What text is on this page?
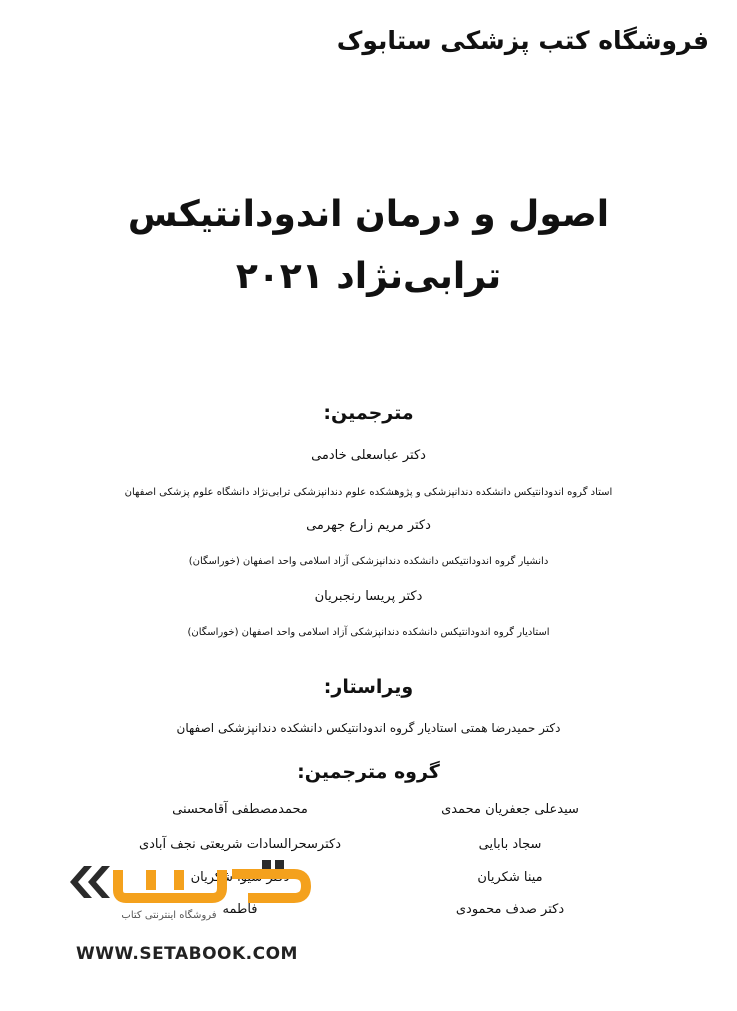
فروشگاه کتب پزشکی ستابوک
اصول و درمان اندودانتیکس
ترابی‌نژاد ۲۰۲۱
مترجمین:
دکتر عباسعلی خادمی
استاد گروه اندودانتیکس دانشکده دندانپزشکی و پژوهشکده علوم دندانپزشکی ترابی‌نژاد دانشگاه علوم پزشکی اصفهان
دکتر مریم زارع جهرمی
دانشیار گروه اندودانتیکس دانشکده دندانپزشکی آزاد اسلامی واحد اصفهان (خوراسگان)
دکتر پریسا رنجبریان
استادیار گروه اندودانتیکس دانشکده دندانپزشکی آزاد اسلامی واحد اصفهان (خوراسگان)
ویراستار:
دکتر حمیدرضا همتی استادیار گروه اندودانتیکس دانشکده دندانپزشکی اصفهان
گروه مترجمین:
سیدعلی جعفریان محمدی
سجاد بابایی
مینا شکریان
دکتر صدف محمودی
محمدمصطفی آقامحسنی
دکترسحرالسادات شریعتی نجف آبادی
دکتر شیوا شکریان
فاطمه
فروشگاه اینترنتی کتاب
WWW.SETABOOK.COM
